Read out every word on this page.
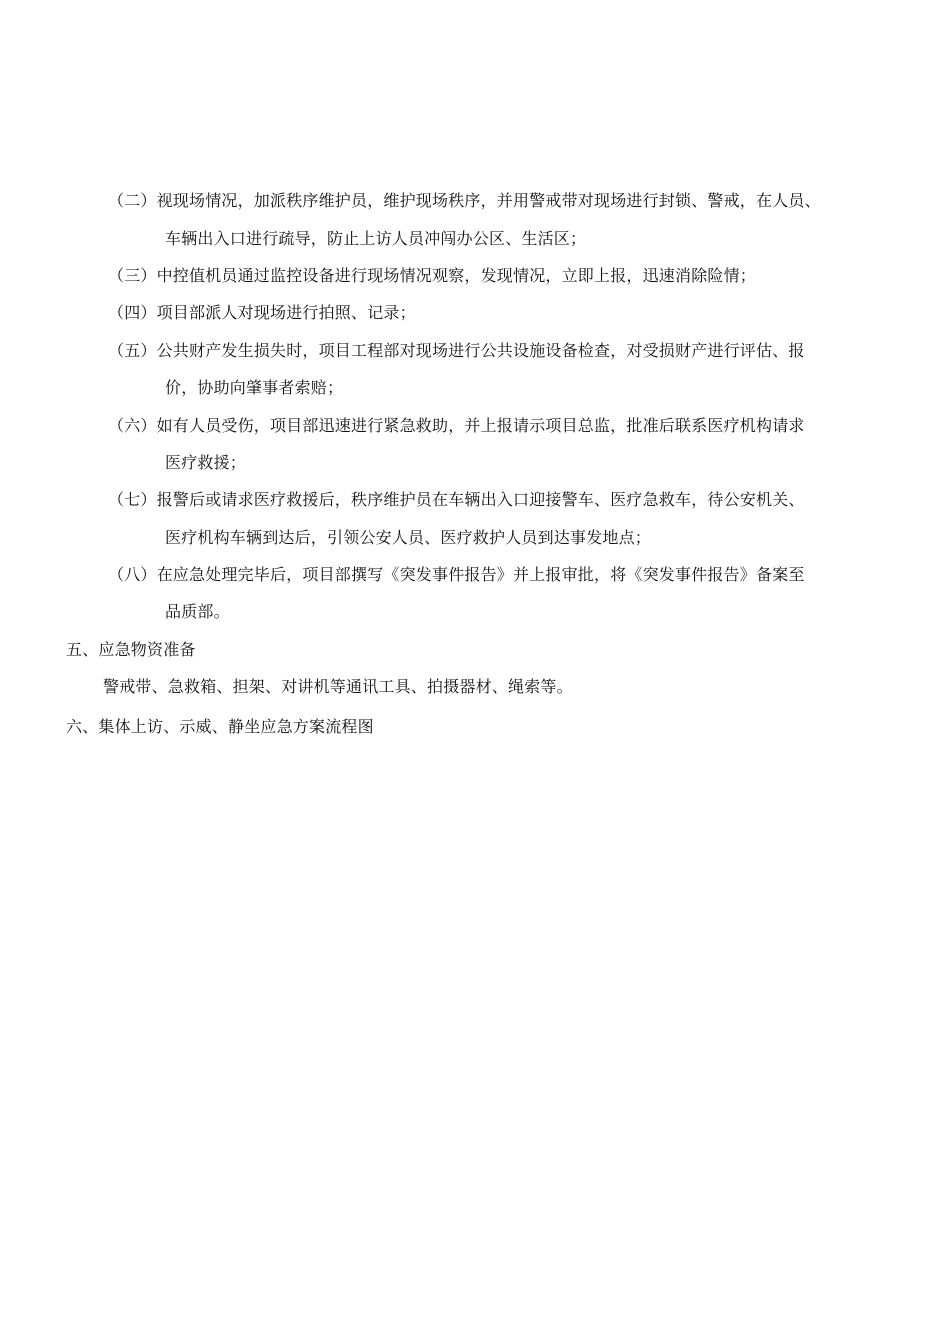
（二）视现场情况，加派秩序维护员，维护现场秩序，并用警戒带对现场进行封锁、警戒，在人员、

车辆出入口进行疏导，防止上访人员冲闯办公区、生活区；

（三）中控值机员通过监控设备进行现场情况观察，发现情况，立即上报，迅速消除险情；

（四）项目部派人对现场进行拍照、记录；

（五）公共财产发生损失时，项目工程部对现场进行公共设施设备检查，对受损财产进行评估、报

价，协助向肇事者索赔；

（六）如有人员受伤，项目部迅速进行紧急救助，并上报请示项目总监，批准后联系医疗机构请求

医疗救援；

（七）报警后或请求医疗救援后，秩序维护员在车辆出入口迎接警车、医疗急救车，待公安机关、

医疗机构车辆到达后，引领公安人员、医疗救护人员到达事发地点；

（八）在应急处理完毕后，项目部撰写《突发事件报告》并上报审批，将《突发事件报告》备案至

品质部。

五、应急物资准备

警戒带、急救箱、担架、对讲机等通讯工具、拍摄器材、绳索等。

六、集体上访、示威、静坐应急方案流程图
